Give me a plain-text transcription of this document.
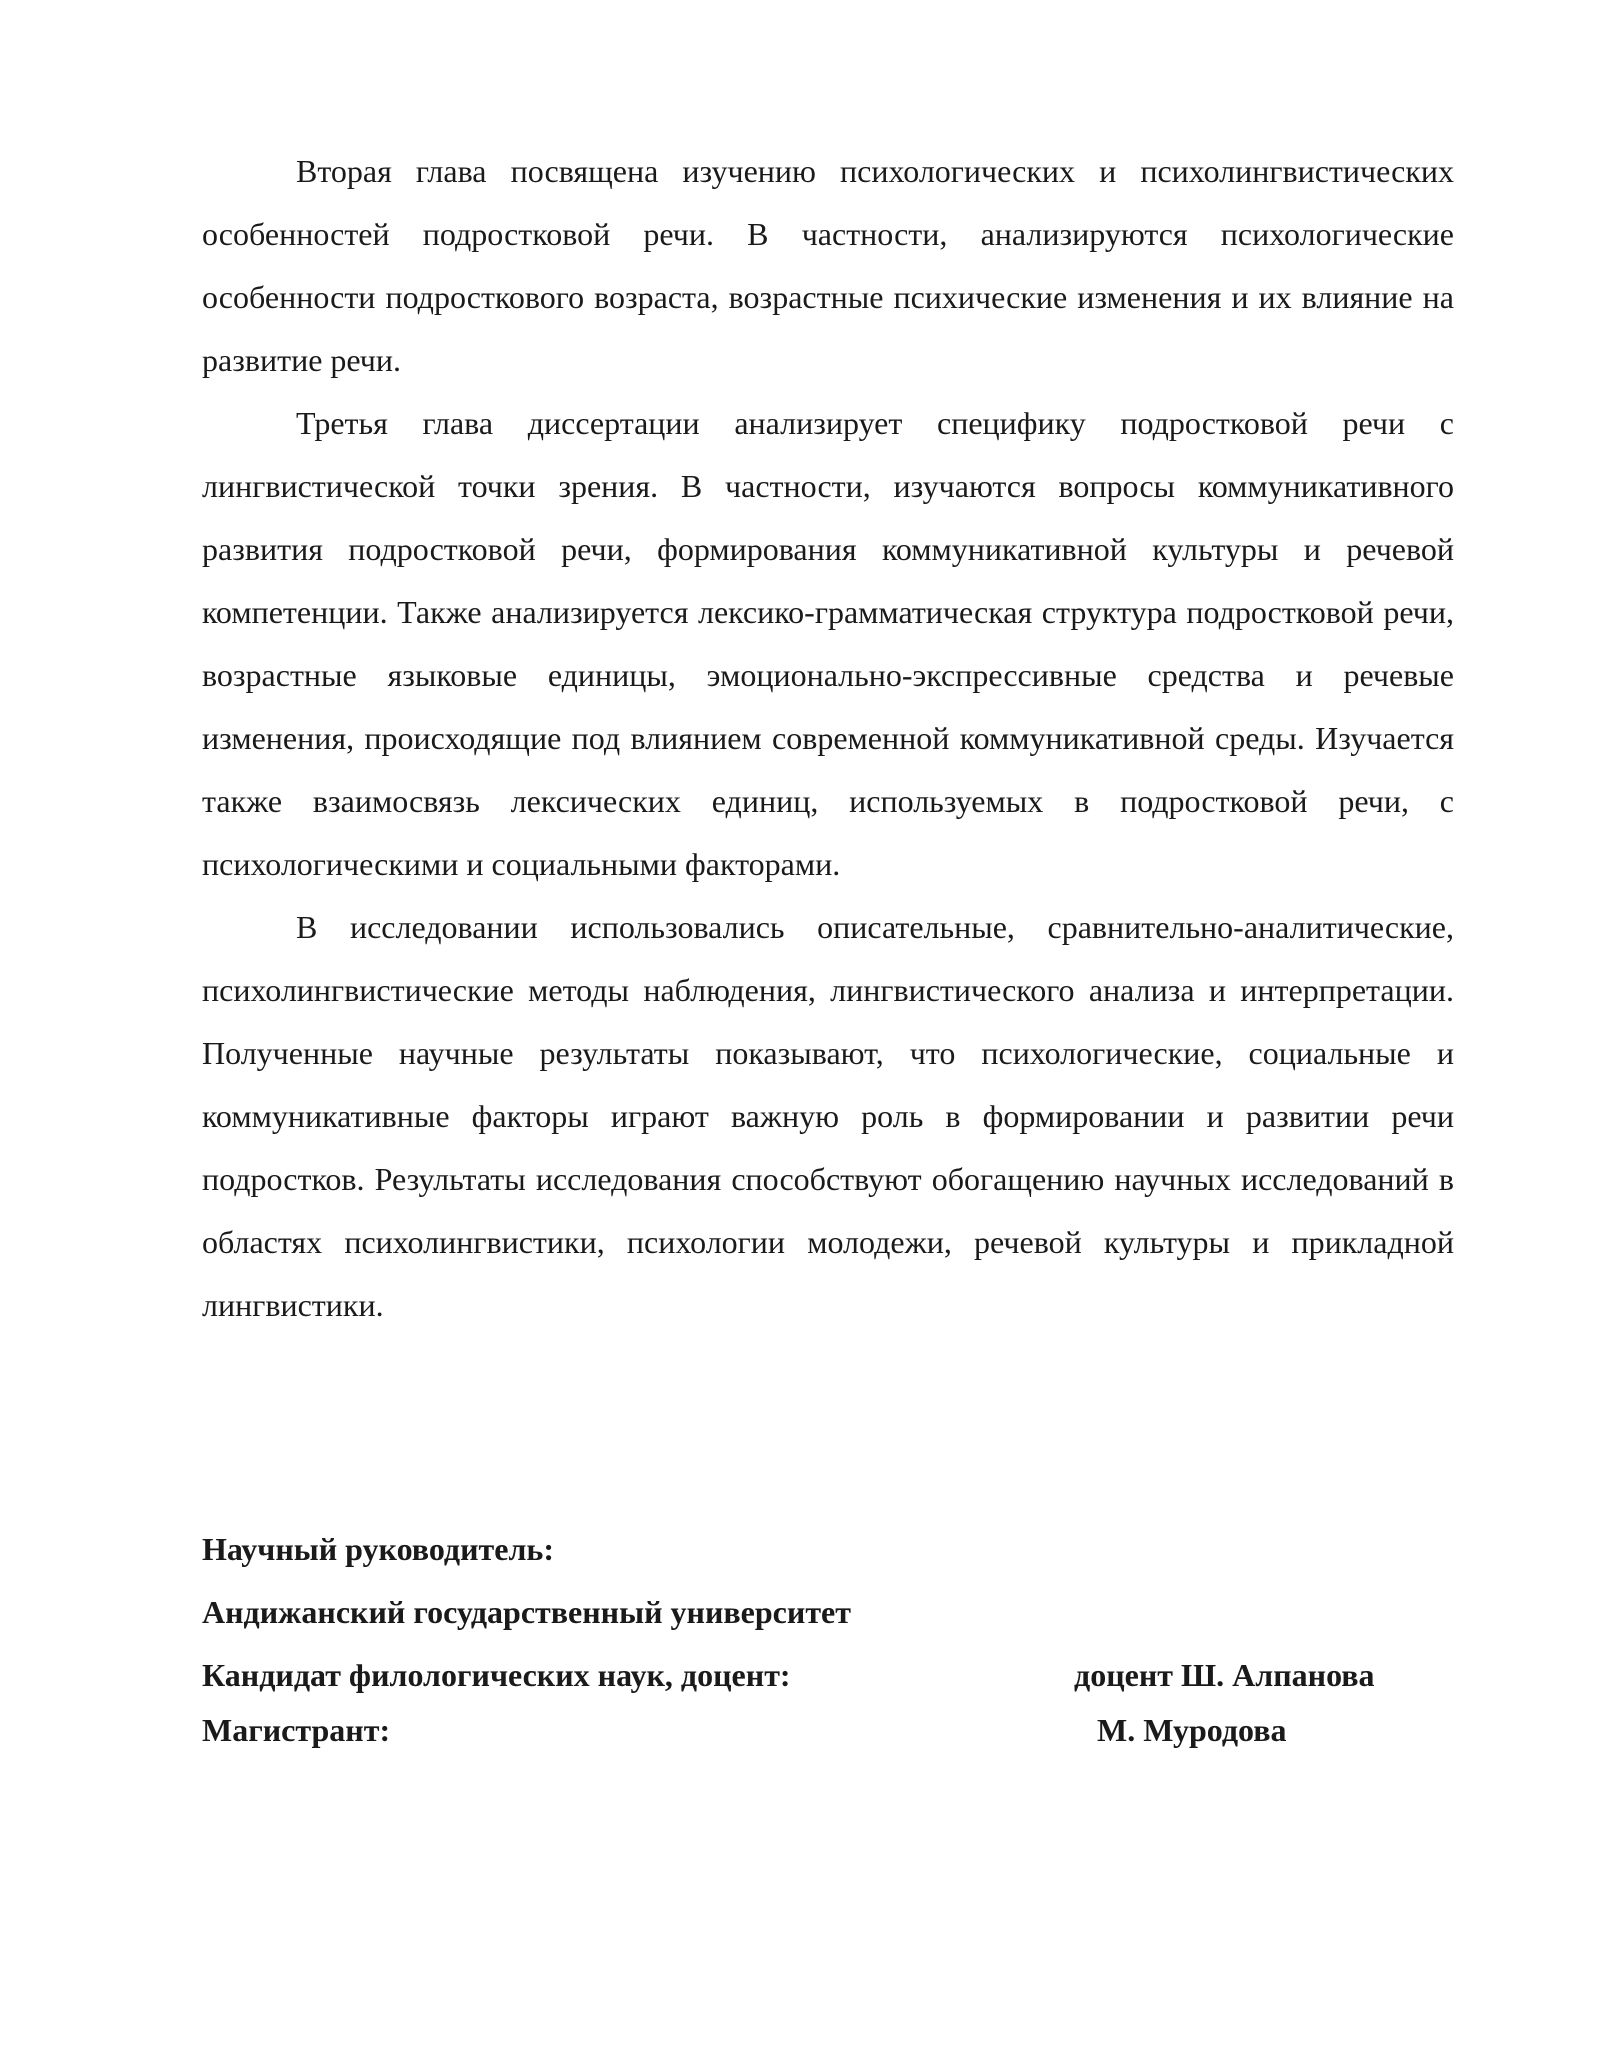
Вторая глава посвящена изучению психологических и психолингвистических особенностей подростковой речи. В частности, анализируются психологические особенности подросткового возраста, возрастные психические изменения и их влияние на развитие речи.

Третья глава диссертации анализирует специфику подростковой речи с лингвистической точки зрения. В частности, изучаются вопросы коммуникативного развития подростковой речи, формирования коммуникативной культуры и речевой компетенции. Также анализируется лексико-грамматическая структура подростковой речи, возрастные языковые единицы, эмоционально-экспрессивные средства и речевые изменения, происходящие под влиянием современной коммуникативной среды. Изучается также взаимосвязь лексических единиц, используемых в подростковой речи, с психологическими и социальными факторами.

В исследовании использовались описательные, сравнительно-аналитические, психолингвистические методы наблюдения, лингвистического анализа и интерпретации. Полученные научные результаты показывают, что психологические, социальные и коммуникативные факторы играют важную роль в формировании и развитии речи подростков. Результаты исследования способствуют обогащению научных исследований в областях психолингвистики, психологии молодежи, речевой культуры и прикладной лингвистики.

Научный руководитель:

Андижанский государственный университет

Кандидат филологических наук, доцент:	доцент Ш. Алпанова
Магистрант:	М. Муродова
